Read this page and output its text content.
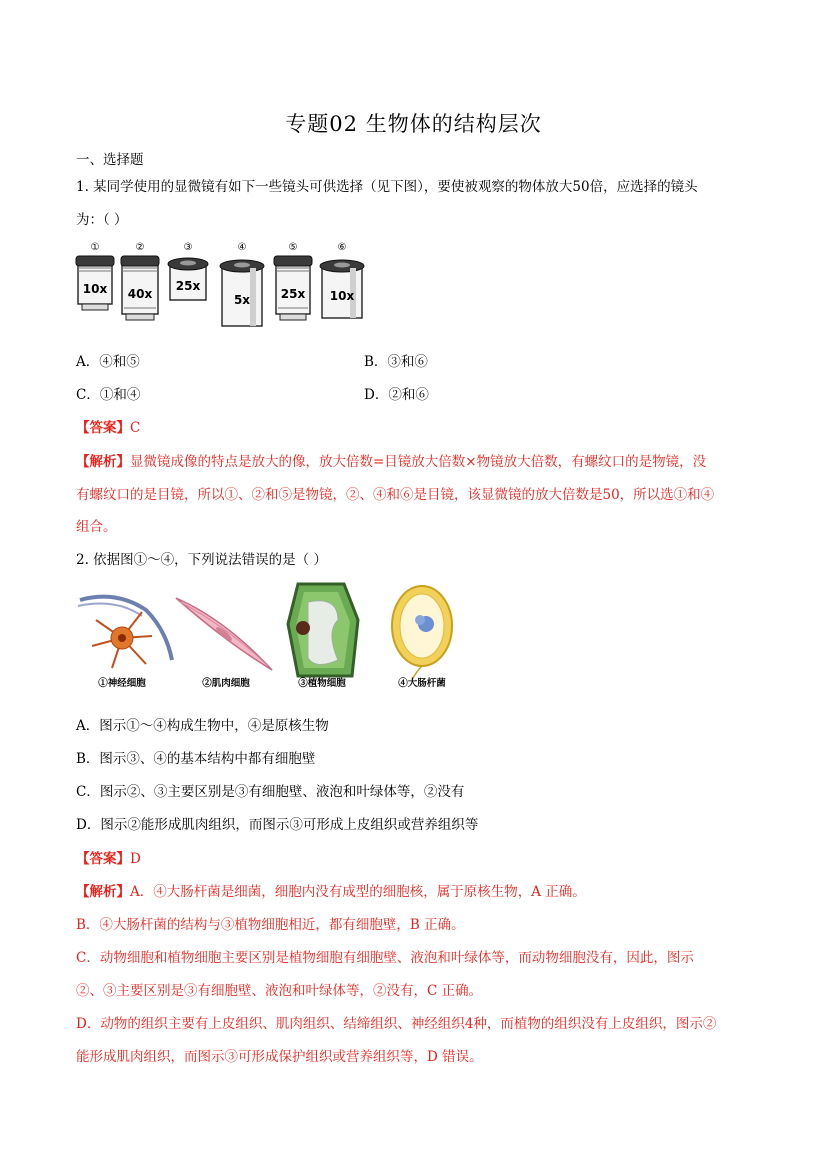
专题02 生物体的结构层次
一、选择题
1. 某同学使用的显微镜有如下一些镜头可供选择（见下图），要使被观察的物体放大50倍，应选择的镜头
为：（ ）
①
10x
②
40x
③
25x
④
5x
⑤
25x
⑥
10x
A．④和⑤	B．③和⑥
C．①和④	D．②和⑥
【答案】C
【解析】显微镜成像的特点是放大的像，放大倍数=目镜放大倍数×物镜放大倍数，有螺纹口的是物镜，没
有螺纹口的是目镜，所以①、②和⑤是物镜，②、④和⑥是目镜，该显微镜的放大倍数是50，所以选①和④
组合。
2. 依据图①～④，下列说法错误的是（ ）
①神经细胞	②肌肉细胞	③植物细胞	④大肠杆菌
A．图示①～④构成生物中，④是原核生物
B．图示③、④的基本结构中都有细胞壁
C．图示②、③主要区别是③有细胞壁、液泡和叶绿体等，②没有
D．图示②能形成肌肉组织，而图示③可形成上皮组织或营养组织等
【答案】D
【解析】A．④大肠杆菌是细菌，细胞内没有成型的细胞核，属于原核生物，A 正确。
B．④大肠杆菌的结构与③植物细胞相近，都有细胞壁，B 正确。
C．动物细胞和植物细胞主要区别是植物细胞有细胞壁、液泡和叶绿体等，而动物细胞没有，因此，图示
②、③主要区别是③有细胞壁、液泡和叶绿体等，②没有，C 正确。
D．动物的组织主要有上皮组织、肌肉组织、结缔组织、神经组织4种，而植物的组织没有上皮组织，图示②
能形成肌肉组织，而图示③可形成保护组织或营养组织等，D 错误。
